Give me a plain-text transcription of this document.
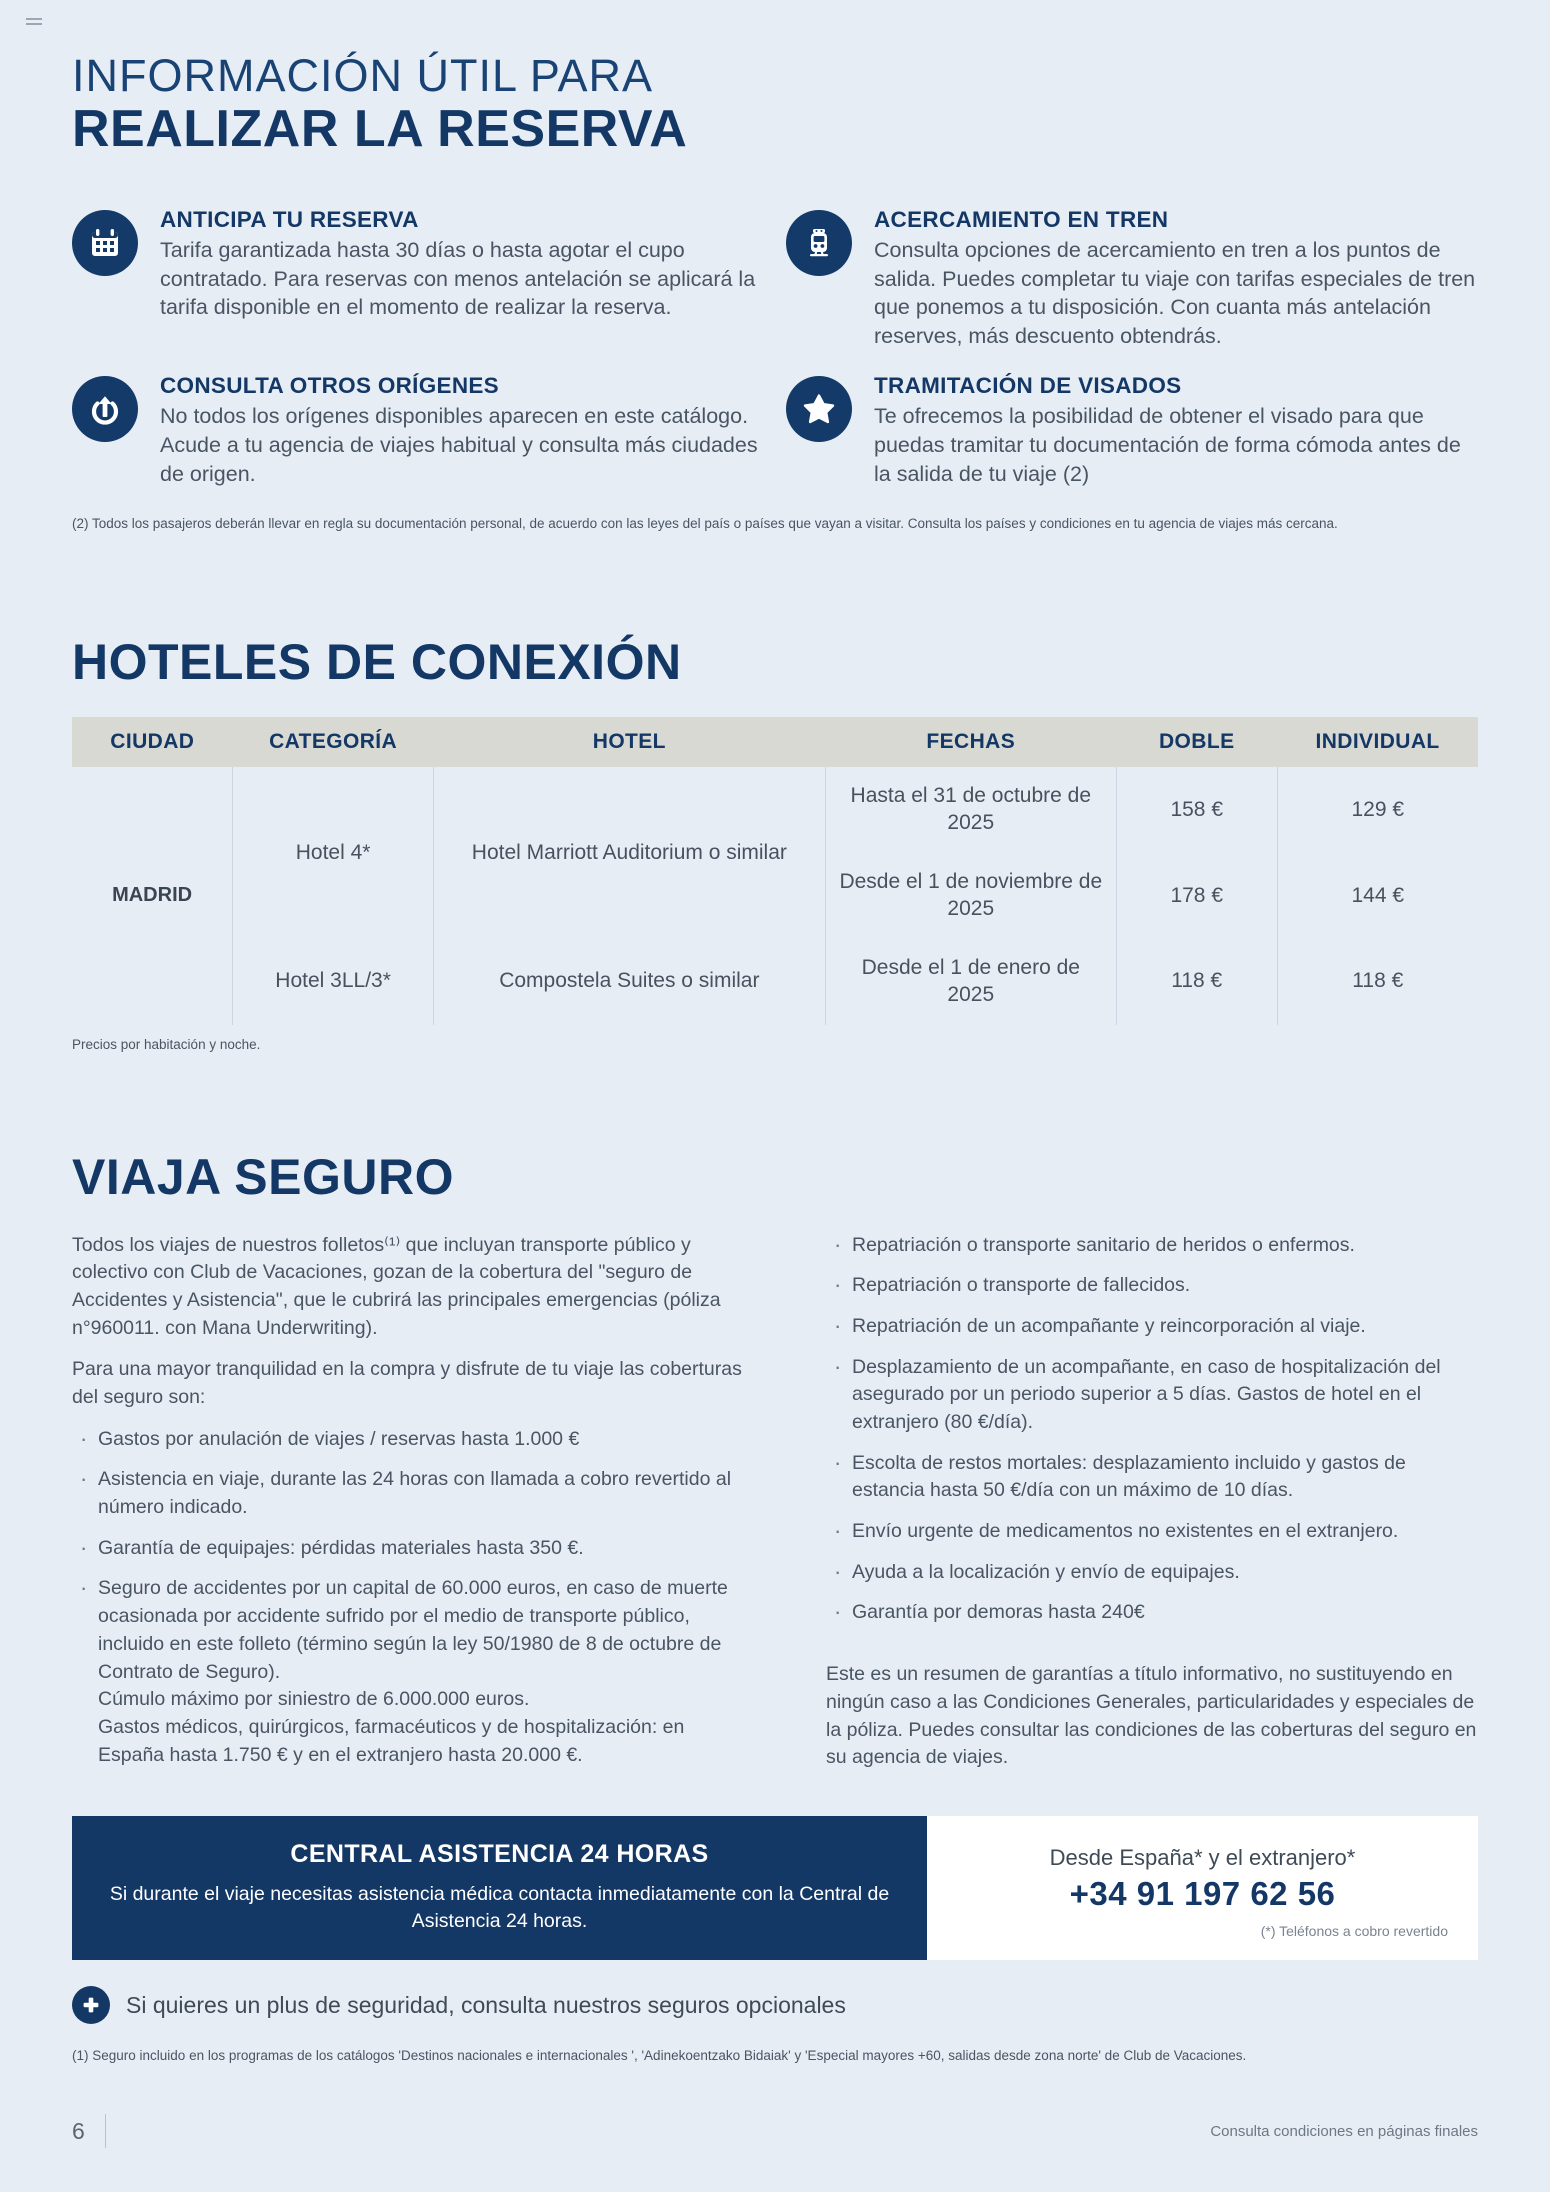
INFORMACIÓN ÚTIL PARA
REALIZAR LA RESERVA

ANTICIPA TU RESERVA

Tarifa garantizada hasta 30 días o hasta agotar el cupo contratado. Para reservas con menos antelación se aplicará la tarifa disponible en el momento de realizar la reserva.

ACERCAMIENTO EN TREN

Consulta opciones de acercamiento en tren a los puntos de salida. Puedes completar tu viaje con tarifas especiales de tren que ponemos a tu disposición. Con cuanta más antelación reserves, más descuento obtendrás.

CONSULTA OTROS ORÍGENES

No todos los orígenes disponibles aparecen en este catálogo. Acude a tu agencia de viajes habitual y consulta más ciudades de origen.

TRAMITACIÓN DE VISADOS

Te ofrecemos la posibilidad de obtener el visado para que puedas tramitar tu documentación de forma cómoda antes de la salida de tu viaje (2)

(2) Todos los pasajeros deberán llevar en regla su documentación personal, de acuerdo con las leyes del país o países que vayan a visitar. Consulta los países y condiciones en tu agencia de viajes más cercana.

HOTELES DE CONEXIÓN
CIUDAD	CATEGORÍA	HOTEL	FECHAS	DOBLE	INDIVIDUAL
MADRID	Hotel 4*	Hotel Marriott Auditorium o similar	Hasta el 31 de octubre de 2025	158 €	129 €
			Desde el 1 de noviembre de 2025	178 €	144 €
	Hotel 3LL/3*	Compostela Suites o similar	Desde el 1 de enero de 2025	118 €	118 €

Precios por habitación y noche.

VIAJA SEGURO

Todos los viajes de nuestros folletos⁽¹⁾ que incluyan transporte público y colectivo con Club de Vacaciones, gozan de la cobertura del "seguro de Accidentes y Asistencia", que le cubrirá las principales emergencias (póliza n°960011. con Mana Underwriting).

Para una mayor tranquilidad en la compra y disfrute de tu viaje las coberturas del seguro son:

· Gastos por anulación de viajes / reservas hasta 1.000 €
· Asistencia en viaje, durante las 24 horas con llamada a cobro revertido al número indicado.
· Garantía de equipajes: pérdidas materiales hasta 350 €.
· Seguro de accidentes por un capital de 60.000 euros, en caso de muerte ocasionada por accidente sufrido por el medio de transporte público, incluido en este folleto (término según la ley 50/1980 de 8 de octubre de Contrato de Seguro).
Cúmulo máximo por siniestro de 6.000.000 euros.
Gastos médicos, quirúrgicos, farmacéuticos y de hospitalización: en España hasta 1.750 € y en el extranjero hasta 20.000 €.
· Repatriación o transporte sanitario de heridos o enfermos.
· Repatriación o transporte de fallecidos.
· Repatriación de un acompañante y reincorporación al viaje.
· Desplazamiento de un acompañante, en caso de hospitalización del asegurado por un periodo superior a 5 días. Gastos de hotel en el extranjero (80 €/día).
· Escolta de restos mortales: desplazamiento incluido y gastos de estancia hasta 50 €/día con un máximo de 10 días.
· Envío urgente de medicamentos no existentes en el extranjero.
· Ayuda a la localización y envío de equipajes.
· Garantía por demoras hasta 240€

Este es un resumen de garantías a título informativo, no sustituyendo en ningún caso a las Condiciones Generales, particularidades y especiales de la póliza. Puedes consultar las condiciones de las coberturas del seguro en su agencia de viajes.

CENTRAL ASISTENCIA 24 HORAS
Si durante el viaje necesitas asistencia médica contacta inmediatamente con la Central de Asistencia 24 horas.
Desde España* y el extranjero*
+34 91 197 62 56
(*) Teléfonos a cobro revertido
Si quieres un plus de seguridad, consulta nuestros seguros opcionales

(1) Seguro incluido en los programas de los catálogos 'Destinos nacionales e internacionales ', 'Adinekoentzako Bidaiak' y 'Especial mayores +60, salidas desde zona norte' de Club de Vacaciones.

6	Consulta condiciones en páginas finales
